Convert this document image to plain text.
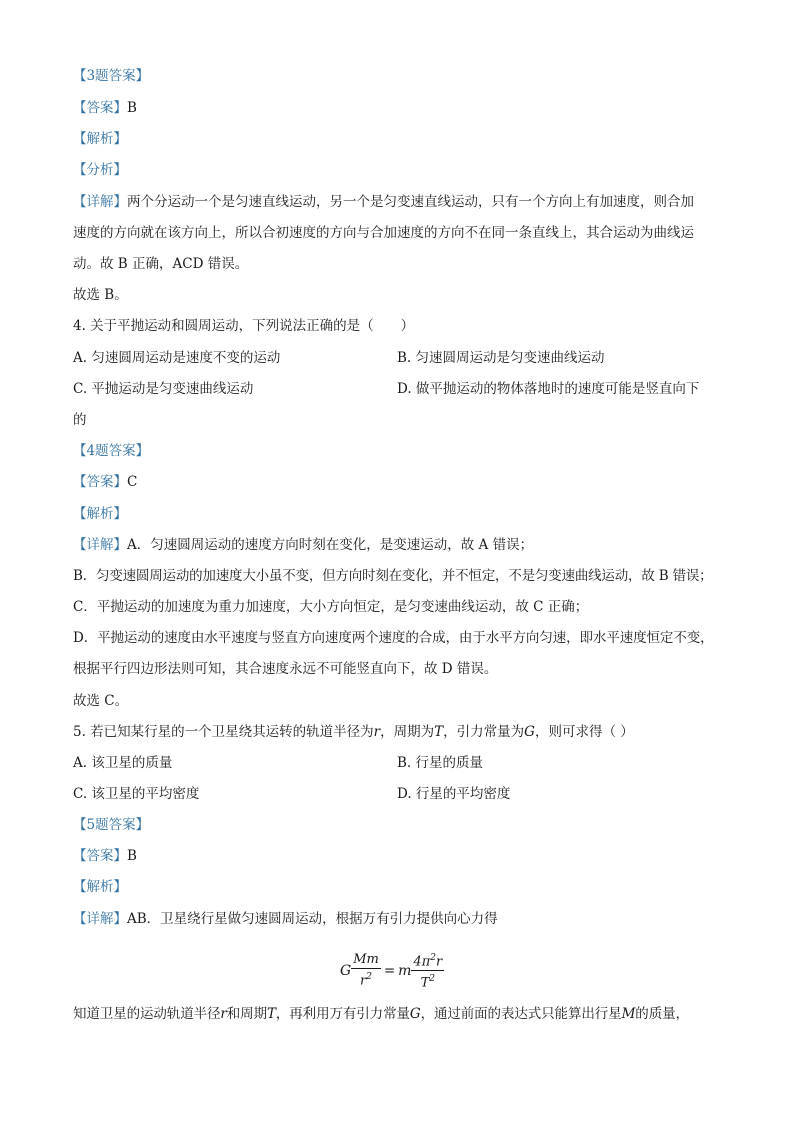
【3题答案】
【答案】B
【解析】
【分析】
【详解】两个分运动一个是匀速直线运动，另一个是匀变速直线运动，只有一个方向上有加速度，则合加
速度的方向就在该方向上，所以合初速度的方向与合加速度的方向不在同一条直线上，其合运动为曲线运
动。故 B 正确，ACD 错误。
故选 B。
4. 关于平抛运动和圆周运动，下列说法正确的是（　　）
A. 匀速圆周运动是速度不变的运动	B. 匀速圆周运动是匀变速曲线运动
C. 平抛运动是匀变速曲线运动	D. 做平抛运动的物体落地时的速度可能是竖直向下
的
【4题答案】
【答案】C
【解析】
【详解】A．匀速圆周运动的速度方向时刻在变化，是变速运动，故 A 错误；
B．匀变速圆周运动的加速度大小虽不变，但方向时刻在变化，并不恒定，不是匀变速曲线运动，故 B 错误；
C．平抛运动的加速度为重力加速度，大小方向恒定，是匀变速曲线运动，故 C 正确；
D．平抛运动的速度由水平速度与竖直方向速度两个速度的合成，由于水平方向匀速，即水平速度恒定不变，
根据平行四边形法则可知，其合速度永远不可能竖直向下，故 D 错误。
故选 C。
5. 若已知某行星的一个卫星绕其运转的轨道半径为r，周期为T，引力常量为G，则可求得（ ）
A. 该卫星的质量	B. 行星的质量
C. 该卫星的平均密度	D. 行星的平均密度
【5题答案】
【答案】B
【解析】
【详解】AB．卫星绕行星做匀速圆周运动，根据万有引力提供向心力得
G $\frac{Mm}{r^2} = m \frac{4\pi^2r}{T^2}$
知道卫星的运动轨道半径r和周期T，再利用万有引力常量G，通过前面的表达式只能算出行星M的质量，
